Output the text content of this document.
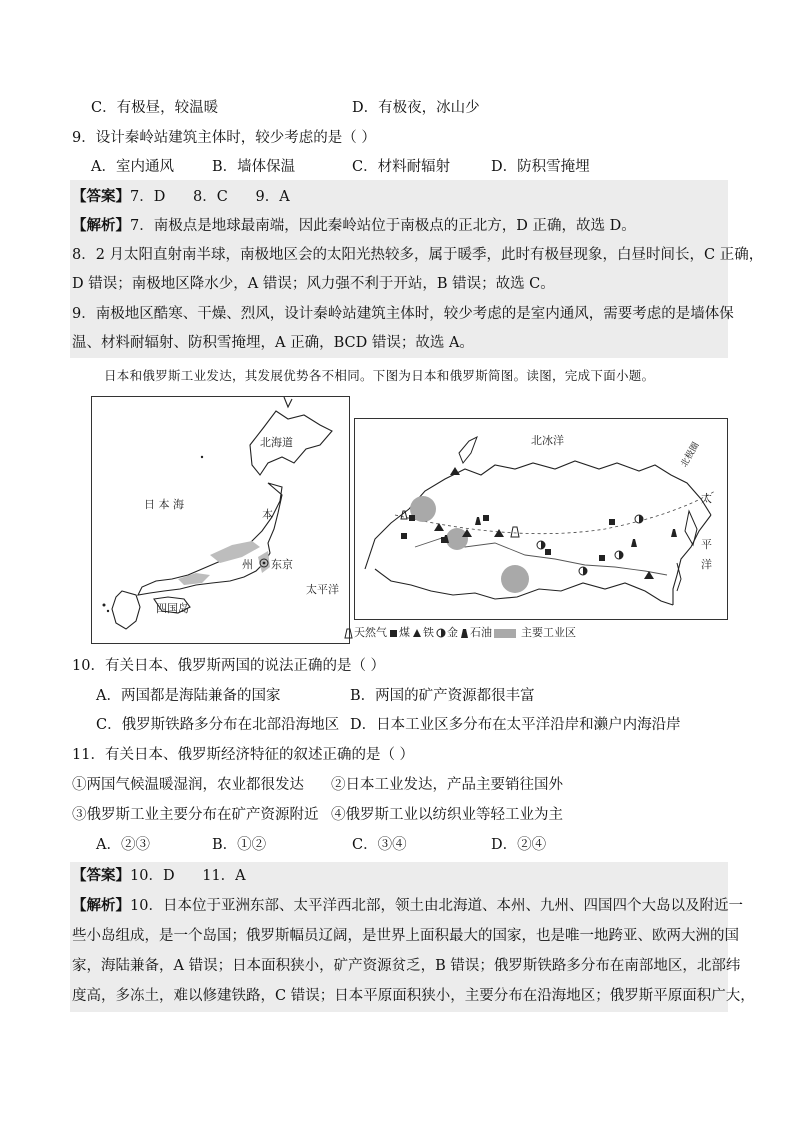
C．有极昼，较温暖	D．有极夜，冰山少
9．设计秦岭站建筑主体时，较少考虑的是（ ）
A．室内通风	B．墙体保温	C．材料耐辐射	D．防积雪掩埋
【答案】7．D      8．C      9．A
【解析】7．南极点是地球最南端，因此秦岭站位于南极点的正北方，D 正确，故选 D。
8．2 月太阳直射南半球，南极地区会的太阳光热较多，属于暖季，此时有极昼现象，白昼时间长，C 正确，
D 错误；南极地区降水少，A 错误；风力强不利于开站，B 错误；故选 C。
9．南极地区酷寒、干燥、烈风，设计秦岭站建筑主体时，较少考虑的是室内通风，需要考虑的是墙体保
温、材料耐辐射、防积雪掩埋，A 正确，BCD 错误；故选 A。
日本和俄罗斯工业发达，其发展优势各不相同。下图为日本和俄罗斯简图。读图，完成下面小题。
北海道
日 本 海
本
州 东京
太平洋
四国岛
北冰洋
北极圈
太
平
洋
天然气 煤 铁 金 石油	主要工业区
10．有关日本、俄罗斯两国的说法正确的是（ ）
A．两国都是海陆兼备的国家	B．两国的矿产资源都很丰富
C．俄罗斯铁路多分布在北部沿海地区 D．日本工业区多分布在太平洋沿岸和濑户内海沿岸
11．有关日本、俄罗斯经济特征的叙述正确的是（ ）
①两国气候温暖湿润，农业都很发达 ②日本工业发达，产品主要销往国外
③俄罗斯工业主要分布在矿产资源附近 ④俄罗斯工业以纺织业等轻工业为主
A．②③	B．①②	C．③④	D．②④
【答案】10．D      11．A
【解析】10．日本位于亚洲东部、太平洋西北部，领土由北海道、本州、九州、四国四个大岛以及附近一
些小岛组成，是一个岛国；俄罗斯幅员辽阔，是世界上面积最大的国家，也是唯一地跨亚、欧两大洲的国
家，海陆兼备，A 错误；日本面积狭小，矿产资源贫乏，B 错误；俄罗斯铁路多分布在南部地区，北部纬
度高，多冻土，难以修建铁路，C 错误；日本平原面积狭小，主要分布在沿海地区；俄罗斯平原面积广大，
